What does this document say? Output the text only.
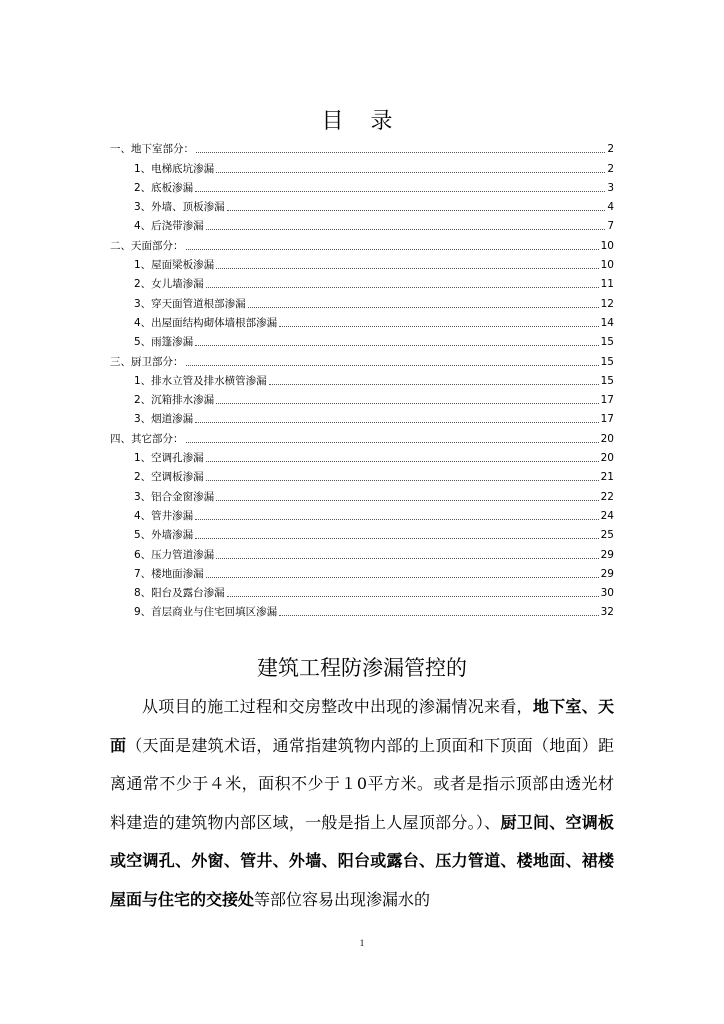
目 录
一、地下室部分：	2
1、电梯底坑渗漏	2
2、底板渗漏	3
3、外墙、顶板渗漏	4
4、后浇带渗漏	7
二、天面部分：	10
1、屋面梁板渗漏	10
2、女儿墙渗漏	11
3、穿天面管道根部渗漏	12
4、出屋面结构砌体墙根部渗漏	14
5、雨篷渗漏	15
三、厨卫部分：	15
1、排水立管及排水横管渗漏	15
2、沉箱排水渗漏	17
3、烟道渗漏	17
四、其它部分：	20
1、空调孔渗漏	20
2、空调板渗漏	21
3、铝合金窗渗漏	22
4、管井渗漏	24
5、外墙渗漏	25
6、压力管道渗漏	29
7、楼地面渗漏	29
8、阳台及露台渗漏	30
9、首层商业与住宅回填区渗漏	32
建筑工程防渗漏管控的
从项目的施工过程和交房整改中出现的渗漏情况来看，地下室、天面（天面是建筑术语，通常指建筑物内部的上顶面和下顶面（地面）距离通常不少于４米，面积不少于１0平方米。或者是指示顶部由透光材料建造的建筑物内部区域，一般是指上人屋顶部分。）、厨卫间、空调板或空调孔、外窗、管井、外墙、阳台或露台、压力管道、楼地面、裙楼屋面与住宅的交接处等部位容易出现渗漏水的
1
